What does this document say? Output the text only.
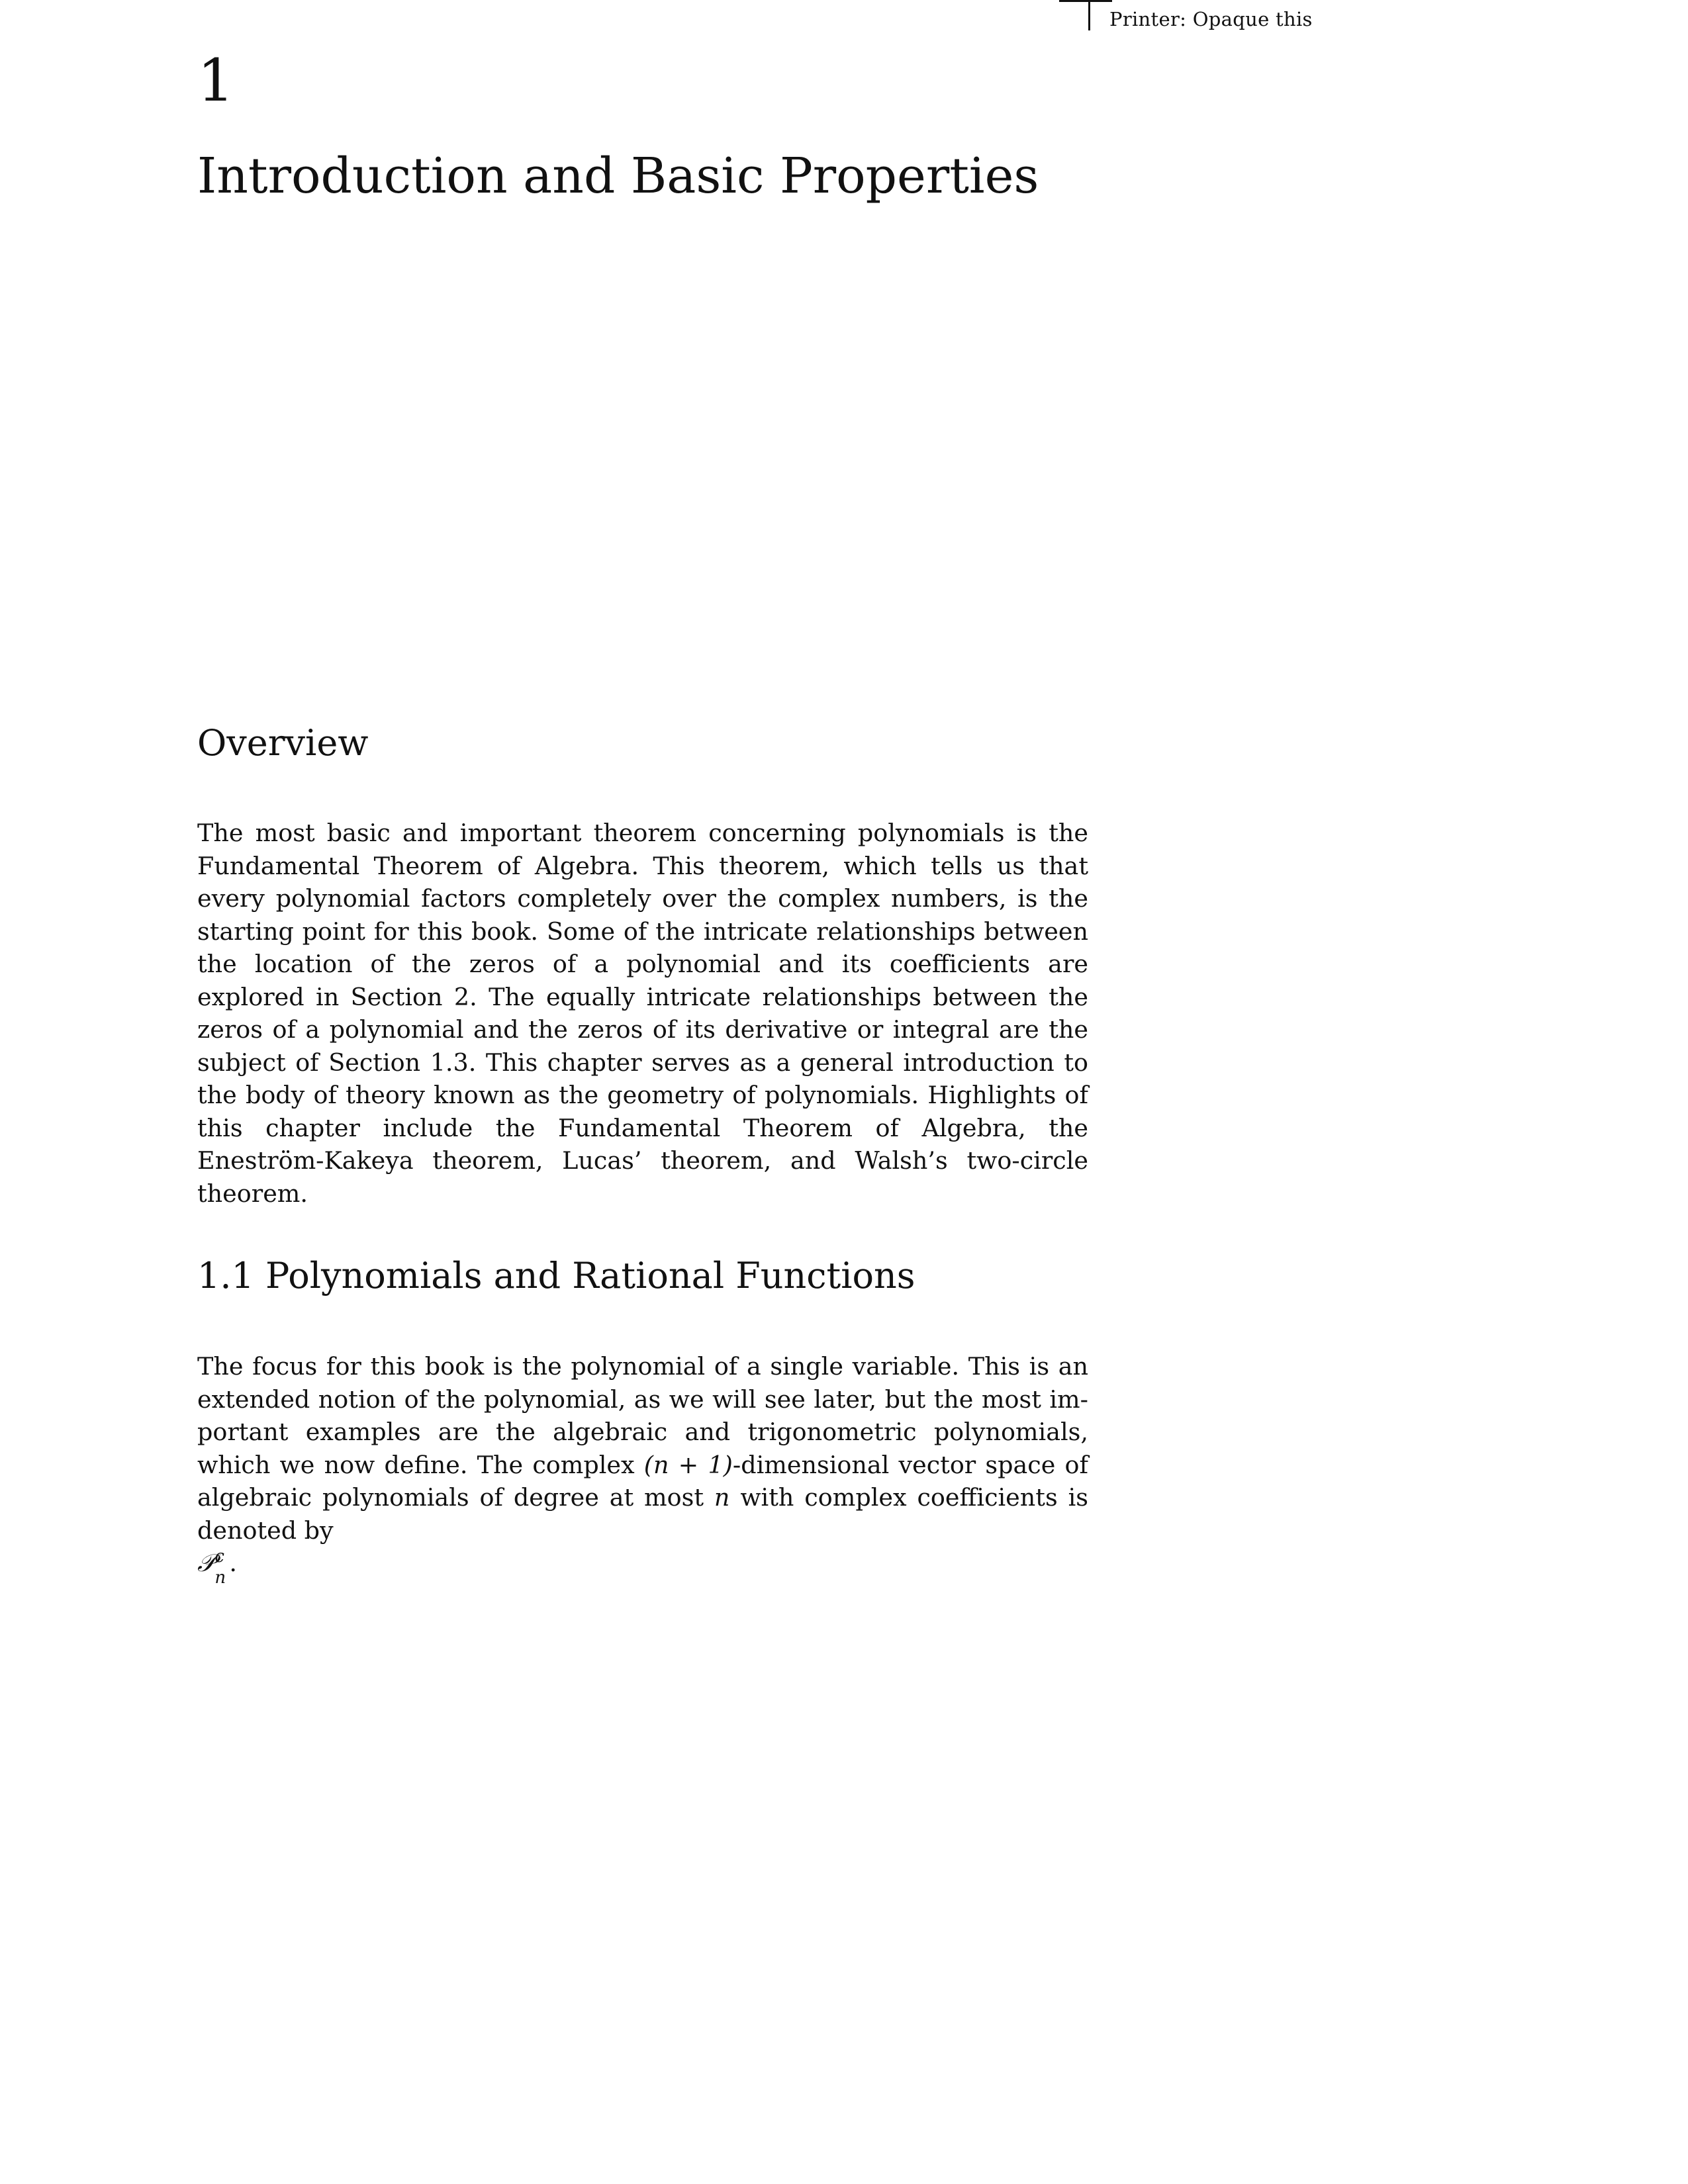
Printer: Opaque this
1
Introduction and Basic Properties
Overview

The most basic and important theorem concerning polynomials is the Fundamental Theorem of Algebra. This theorem, which tells us that every polynomial factors completely over the complex numbers, is the starting point for this book. Some of the intricate relationships between the location of the zeros of a polynomial and its coefficients are explored in Section 2. The equally intricate relationships between the zeros of a polynomial and the zeros of its derivative or integral are the subject of Section 1.3. This chapter serves as a general introduction to the body of theory known as the geometry of polynomials. Highlights of this chapter include the Fundamental Theorem of Algebra, the Eneström-Kakeya theorem, Lucas’ theorem, and Walsh’s two-circle theorem.

1.1 Polynomials and Rational Functions

The focus for this book is the polynomial of a single variable. This is an extended notion of the polynomial, as we will see later, but the most important examples are the algebraic and trigonometric polynomials, which we now define. The complex (n + 1)-dimensional vector space of algebraic polynomials of degree at most n with complex coefficients is denoted by
𝒫 c
n
.
